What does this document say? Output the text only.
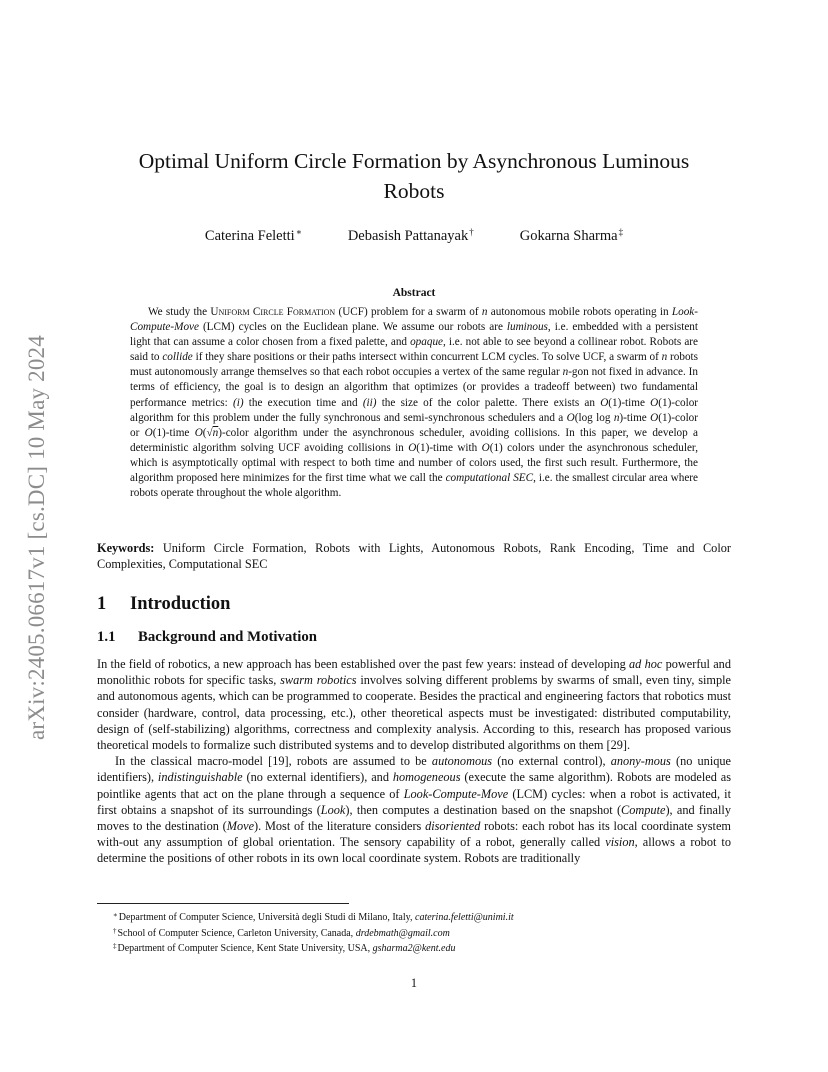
arXiv:2405.06617v1 [cs.DC] 10 May 2024
Optimal Uniform Circle Formation by Asynchronous Luminous
Robots
Caterina Feletti∗	Debasish Pattanayak†	Gokarna Sharma‡
Abstract

We study the Uniform Circle Formation (UCF) problem for a swarm of n autonomous mobile robots operating in Look-Compute-Move (LCM) cycles on the Euclidean plane. We assume our robots are luminous, i.e. embedded with a persistent light that can assume a color chosen from a fixed palette, and opaque, i.e. not able to see beyond a collinear robot. Robots are said to collide if they share positions or their paths intersect within concurrent LCM cycles. To solve UCF, a swarm of n robots must autonomously arrange themselves so that each robot occupies a vertex of the same regular n-gon not fixed in advance. In terms of efficiency, the goal is to design an algorithm that optimizes (or provides a tradeoff between) two fundamental performance metrics: (i) the execution time and (ii) the size of the color palette. There exists an O(1)-time O(1)-color algorithm for this problem under the fully synchronous and semi-synchronous schedulers and a O(log log n)-time O(1)-color or O(1)-time O(√n)-color algorithm under the asynchronous scheduler, avoiding collisions. In this paper, we develop a deterministic algorithm solving UCF avoiding collisions in O(1)-time with O(1) colors under the asynchronous scheduler, which is asymptotically optimal with respect to both time and number of colors used, the first such result. Furthermore, the algorithm proposed here minimizes for the first time what we call the computational SEC, i.e. the smallest circular area where robots operate throughout the whole algorithm.

Keywords: Uniform Circle Formation, Robots with Lights, Autonomous Robots, Rank Encoding, Time and Color Complexities, Computational SEC

1 Introduction
1.1 Background and Motivation

In the field of robotics, a new approach has been established over the past few years: instead of developing ad hoc powerful and monolithic robots for specific tasks, swarm robotics involves solving different problems by swarms of small, even tiny, simple and autonomous agents, which can be programmed to cooperate. Besides the practical and engineering factors that robotics must consider (hardware, control, data processing, etc.), other theoretical aspects must be investigated: distributed computability, design of (self-stabilizing) algorithms, correctness and complexity analysis. According to this, research has proposed various theoretical models to formalize such distributed systems and to develop distributed algorithms on them [29].

In the classical macro-model [19], robots are assumed to be autonomous (no external control), anony-mous (no unique identifiers), indistinguishable (no external identifiers), and homogeneous (execute the same algorithm). Robots are modeled as pointlike agents that act on the plane through a sequence of Look-Compute-Move (LCM) cycles: when a robot is activated, it first obtains a snapshot of its surroundings (Look), then computes a destination based on the snapshot (Compute), and finally moves to the destination (Move). Most of the literature considers disoriented robots: each robot has its local coordinate system with-out any assumption of global orientation. The sensory capability of a robot, generally called vision, allows a robot to determine the positions of other robots in its own local coordinate system. Robots are traditionally

∗Department of Computer Science, Università degli Studi di Milano, Italy, caterina.feletti@unimi.it
†School of Computer Science, Carleton University, Canada, drdebmath@gmail.com
‡Department of Computer Science, Kent State University, USA, gsharma2@kent.edu
1
